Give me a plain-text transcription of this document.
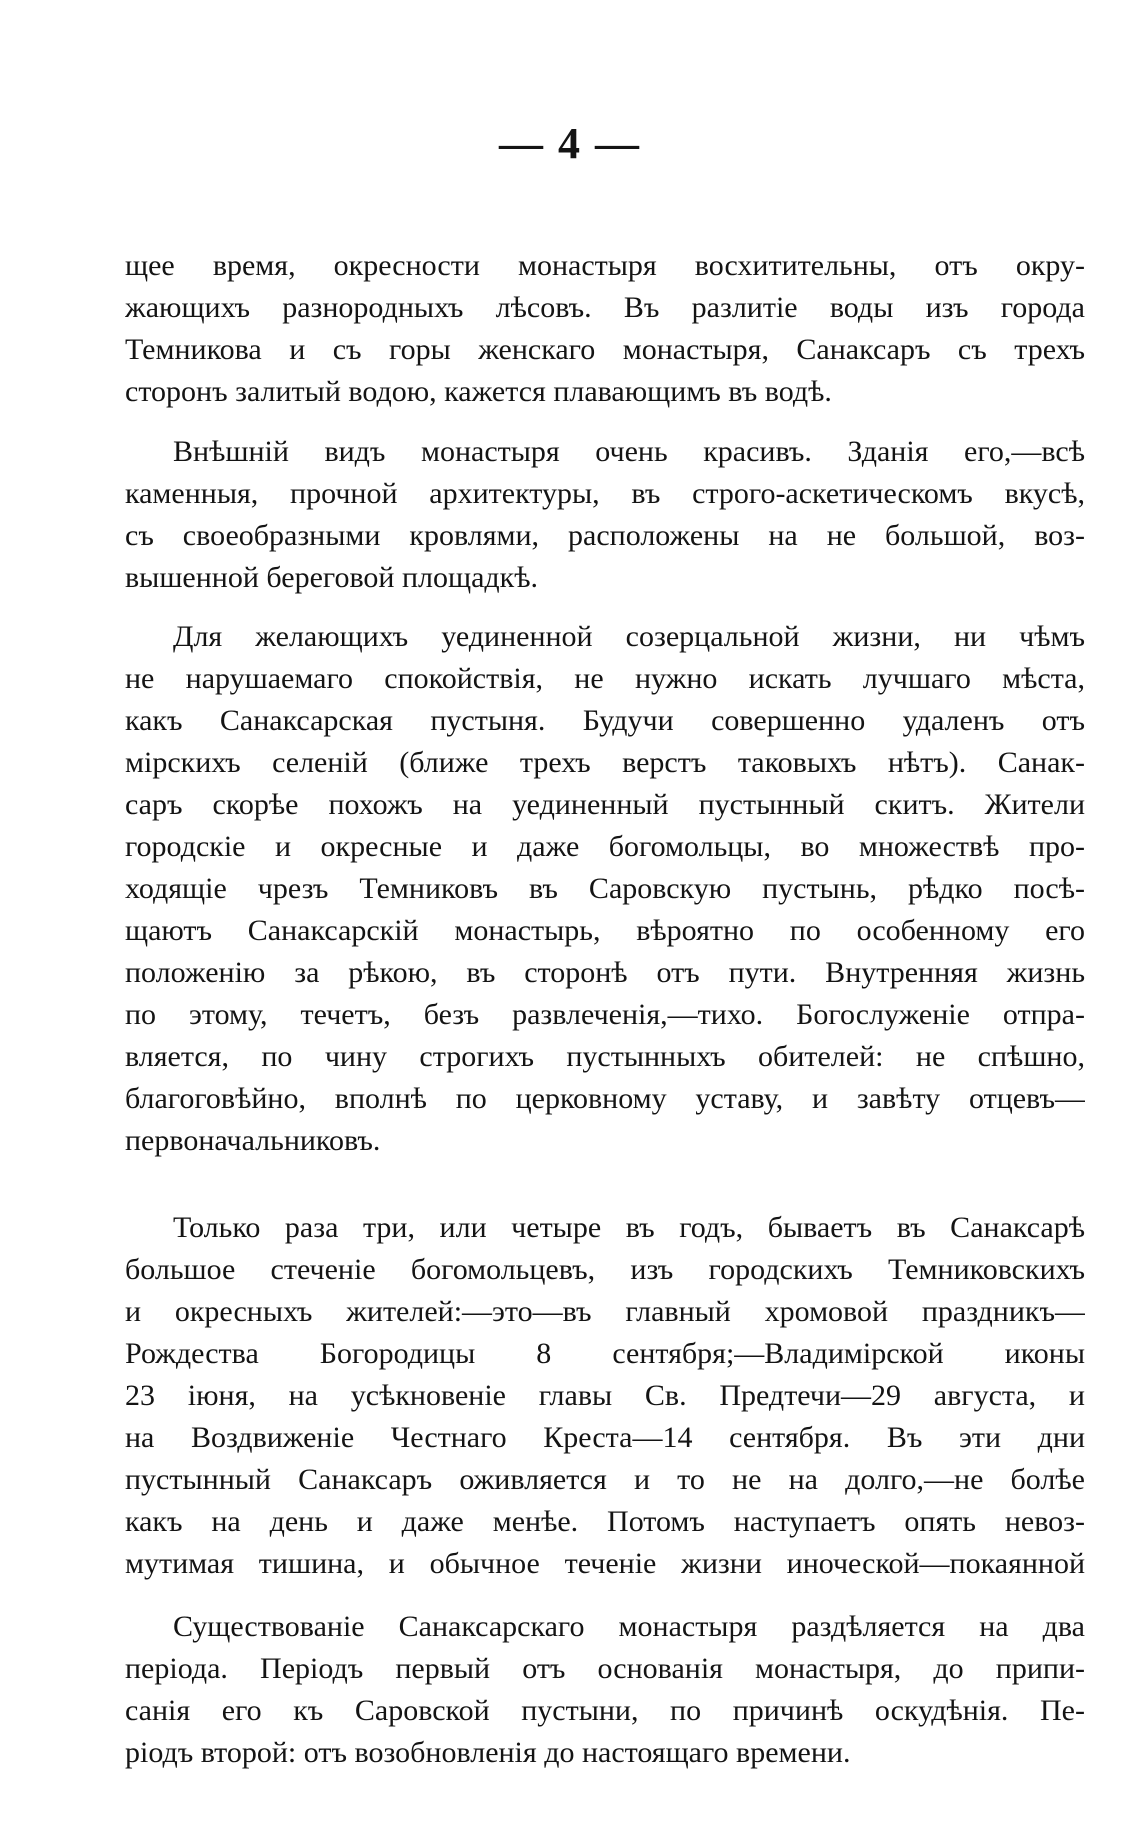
— 4 —
щее время, окресности монастыря восхитительны, отъ окру-
жающихъ разнородныхъ лѣсовъ. Въ разлитіе воды изъ города
Темникова и съ горы женскаго монастыря, Санаксаръ съ трехъ
сторонъ залитый водою, кажется плавающимъ въ водѣ.
Внѣшній видъ монастыря очень красивъ. Зданія его,—всѣ
каменныя, прочной архитектуры, въ строго-аскетическомъ вкусѣ,
съ своеобразными кровлями, расположены на не большой, воз-
вышенной береговой площадкѣ.
Для желающихъ уединенной созерцальной жизни, ни чѣмъ
не нарушаемаго спокойствія, не нужно искать лучшаго мѣста,
какъ Санаксарская пустыня. Будучи совершенно удаленъ отъ
мірскихъ селеній (ближе трехъ верстъ таковыхъ нѣтъ). Санак-
саръ скорѣе похожъ на уединенный пустынный скитъ. Жители
городскіе и окресные и даже богомольцы, во множествѣ про-
ходящіе чрезъ Темниковъ въ Саровскую пустынь, рѣдко посѣ-
щаютъ Санаксарскій монастырь, вѣроятно по особенному его
положенію за рѣкою, въ сторонѣ отъ пути. Внутренняя жизнь
по этому, течетъ, безъ развлеченія,—тихо. Богослуженіе отпра-
вляется, по чину строгихъ пустынныхъ обителей: не спѣшно,
благоговѣйно, вполнѣ по церковному уставу, и завѣту отцевъ—
первоначальниковъ.
Только раза три, или четыре въ годъ, бываетъ въ Санаксарѣ
большое стеченіе богомольцевъ, изъ городскихъ Темниковскихъ
и окресныхъ жителей:—это—въ главный хромовой праздникъ—
Рождества Богородицы 8 сентября;—Владимірской иконы
23 іюня, на усѣкновеніе главы Св. Предтечи—29 августа, и
на Воздвиженіе Честнаго Креста—14 сентября. Въ эти дни
пустынный Санаксаръ оживляется и то не на долго,—не болѣе
какъ на день и даже менѣе. Потомъ наступаетъ опять невоз-
мутимая тишина, и обычное теченіе жизни иноческой—покаянной
Существованіе Санаксарскаго монастыря раздѣляется на два
періода. Періодъ первый отъ основанія монастыря, до припи-
санія его къ Саровской пустыни, по причинѣ оскудѣнія. Пе-
ріодъ второй: отъ возобновленія до настоящаго времени.
